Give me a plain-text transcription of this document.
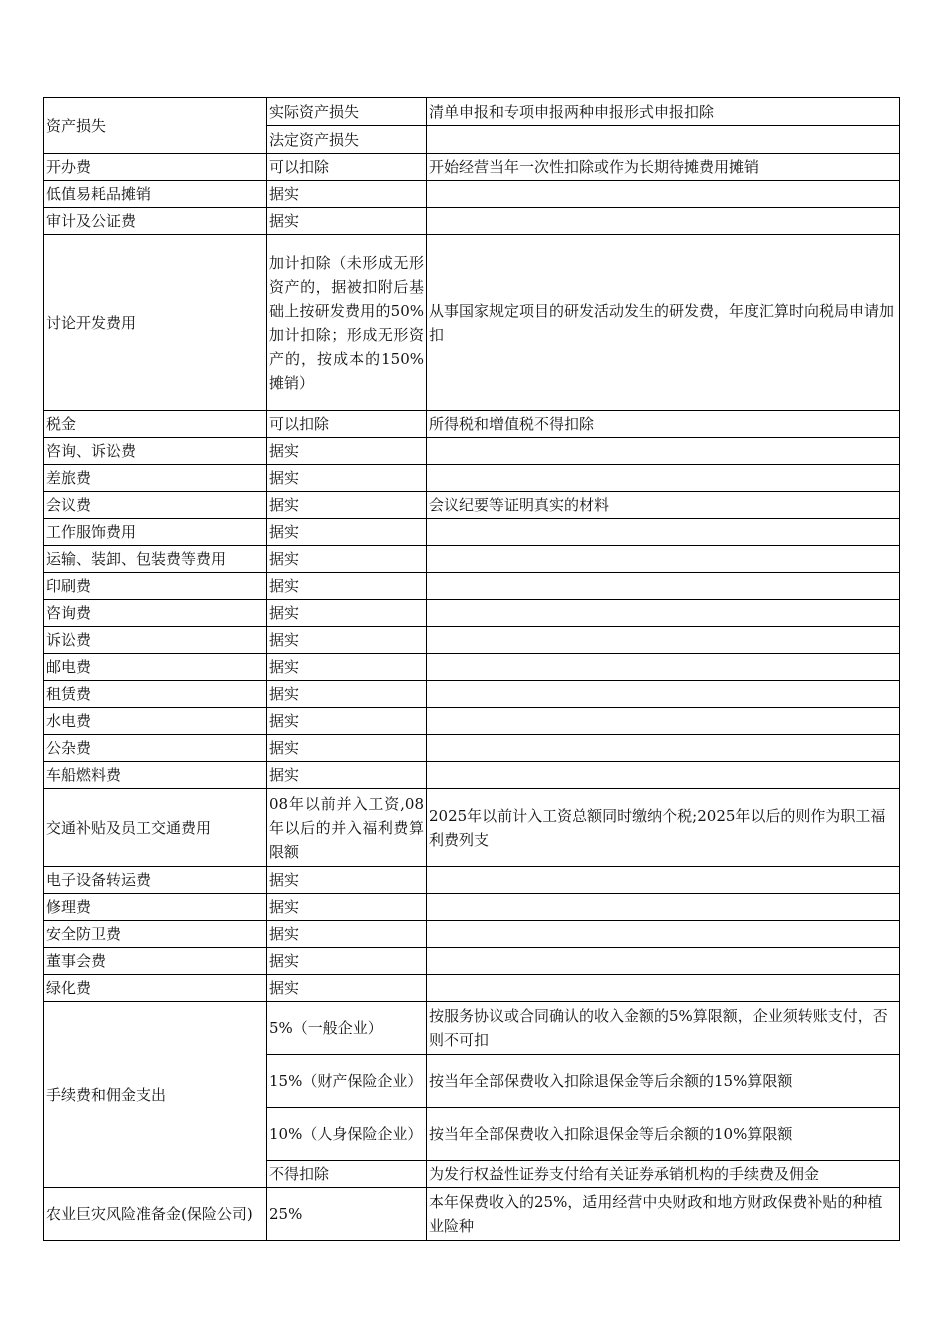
资产损失	实际资产损失	清单申报和专项申报两种申报形式申报扣除
	法定资产损失	
开办费	可以扣除	开始经营当年一次性扣除或作为长期待摊费用摊销
低值易耗品摊销	据实	
审计及公证费	据实	
讨论开发费用	加计扣除（未形成无形资产的，据被扣附后基础上按研发费用的50%加计扣除；形成无形资产的，按成本的150%摊销）	从事国家规定项目的研发活动发生的研发费，年度汇算时向税局申请加扣
税金	可以扣除	所得税和增值税不得扣除
咨询、诉讼费	据实	
差旅费	据实	
会议费	据实	会议纪要等证明真实的材料
工作服饰费用	据实	
运输、装卸、包装费等费用	据实	
印刷费	据实	
咨询费	据实	
诉讼费	据实	
邮电费	据实	
租赁费	据实	
水电费	据实	
公杂费	据实	
车船燃料费	据实	
交通补贴及员工交通费用	08年以前并入工资,08年以后的并入福利费算限额	2025年以前计入工资总额同时缴纳个税;2025年以后的则作为职工福利费列支
电子设备转运费	据实	
修理费	据实	
安全防卫费	据实	
董事会费	据实	
绿化费	据实	
手续费和佣金支出	5%（一般企业）	按服务协议或合同确认的收入金额的5%算限额，企业须转账支付，否则不可扣
	15%（财产保险企业）	按当年全部保费收入扣除退保金等后余额的15%算限额
	10%（人身保险企业）	按当年全部保费收入扣除退保金等后余额的10%算限额
	不得扣除	为发行权益性证券支付给有关证券承销机构的手续费及佣金
农业巨灾风险准备金(保险公司)	25%	本年保费收入的25%，适用经营中央财政和地方财政保费补贴的种植业险种
